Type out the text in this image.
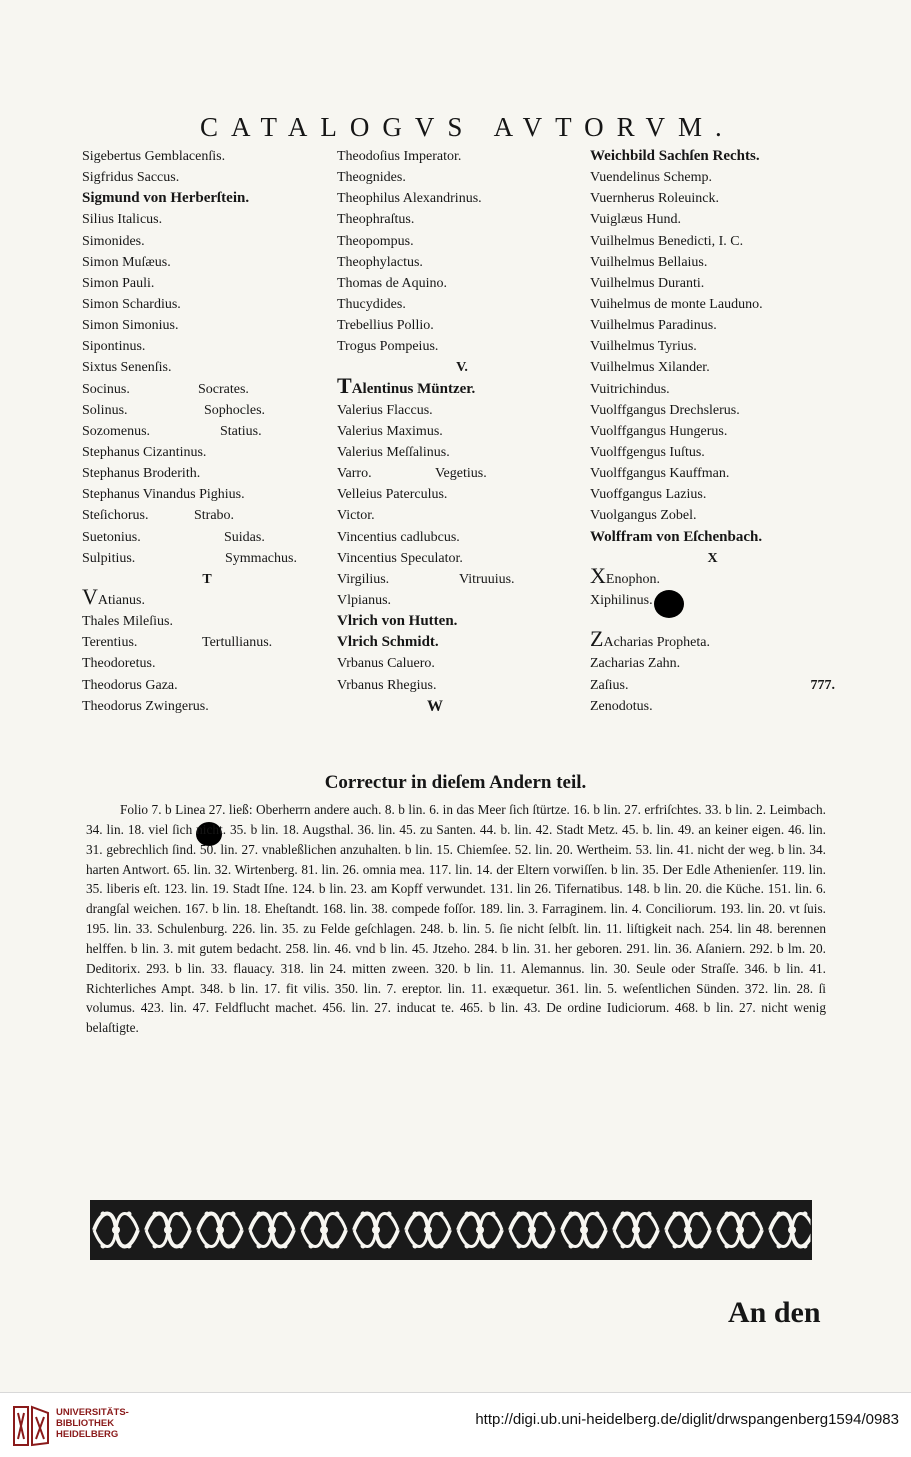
CATALOGVS AVTORVM.
Sigebertus Gemblacenſis.
Sigfridus Saccus.
Sigmund von Herberſtein.
Silius Italicus.
Simonides.
Simon Muſæus.
Simon Pauli.
Simon Schardius.
Simon Simonius.
Sipontinus.
Sixtus Senenſis.
Socinus.	Socrates.
Solinus.	Sophocles.
Sozomenus.	Statius.
Stephanus Cizantinus.
Stephanus Broderith.
Stephanus Vinandus Pighius.
Steſichorus.	Strabo.
Suetonius.	Suidas.
Sulpitius.	Symmachus.
T
VAtianus.
Thales Mileſius.
Terentius.	Tertullianus.
Theodoretus.
Theodorus Gaza.
Theodorus Zwingerus.
Theodoſius Imperator.
Theognides.
Theophilus Alexandrinus.
Theophraſtus.
Theopompus.
Theophylactus.
Thomas de Aquino.
Thucydides.
Trebellius Pollio.
Trogus Pompeius.
V.
TAlentinus Müntzer.
Valerius Flaccus.
Valerius Maximus.
Valerius Meſſalinus.
Varro.	Vegetius.
Velleius Paterculus.
Victor.
Vincentius cadlubcus.
Vincentius Speculator.
Virgilius.	Vitruuius.
Vlpianus.
Vlrich von Hutten.
Vlrich Schmidt.
Vrbanus Caluero.
Vrbanus Rhegius.
W
Weichbild Sachſen Rechts.
Vuendelinus Schemp.
Vuernherus Roleuinck.
Vuiglæus Hund.
Vuilhelmus Benedicti, I. C.
Vuilhelmus Bellaius.
Vuilhelmus Duranti.
Vuihelmus de monte Lauduno.
Vuilhelmus Paradinus.
Vuilhelmus Tyrius.
Vuilhelmus Xilander.
Vuitrichindus.
Vuolffgangus Drechslerus.
Vuolffgangus Hungerus.
Vuolffgengus Iuſtus.
Vuolffgangus Kauffman.
Vuoffgangus Lazius.
Vuolgangus Zobel.
Wolffram von Eſchenbach.
X
XEnophon.
Xiphilinus.
ZAcharias Propheta.
Zacharias Zahn.
Zaſius.
Zenodotus.
777.
Correctur in dieſem Andern teil.

Folio 7. b Linea 27. ließ: Oberherrn andere auch. 8. b lin. 6. in das Meer ſich ſtürtze. 16. b lin. 27. erfriſchtes. 33. b lin. 2. Leimbach. 34. lin. 18. viel ſich nicht. 35. b lin. 18. Augsthal. 36. lin. 45. zu Santen. 44. b. lin. 42. Stadt Metz. 45. b. lin. 49. an keiner eigen. 46. lin. 31. gebrechlich ſind. 50. lin. 27. vnableßlichen anzuhalten. b lin. 15. Chiemſee. 52. lin. 20. Wertheim. 53. lin. 41. nicht der weg. b lin. 34. harten Antwort. 65. lin. 32. Wirtenberg. 81. lin. 26. omnia mea. 117. lin. 14. der Eltern vorwiſſen. b lin. 35. Der Edle Athenienſer. 119. lin. 35. liberis eſt. 123. lin. 19. Stadt Iſne. 124. b lin. 23. am Kopff verwundet. 131. lin 26. Tifernatibus. 148. b lin. 20. die Küche. 151. lin. 6. drangſal weichen. 167. b lin. 18. Eheſtandt. 168. lin. 38. compede foſſor. 189. lin. 3. Farraginem. lin. 4. Conciliorum. 193. lin. 20. vt ſuis. 195. lin. 33. Schulenburg. 226. lin. 35. zu Felde geſchlagen. 248. b. lin. 5. ſie nicht ſelbſt. lin. 11. liſtigkeit nach. 254. lin 48. berennen helffen. b lin. 3. mit gutem bedacht. 258. lin. 46. vnd b lin. 45. Jtzeho. 284. b lin. 31. her geboren. 291. lin. 36. Aſaniern. 292. b lm. 20. Deditorix. 293. b lin. 33. flauacy. 318. lin 24. mitten zween. 320. b lin. 11. Alemannus. lin. 30. Seule oder Straſſe. 346. b lin. 41. Richterliches Ampt. 348. b lin. 17. fit vilis. 350. lin. 7. ereptor. lin. 11. exæquetur. 361. lin. 5. weſentlichen Sünden. 372. lin. 28. ſi volumus. 423. lin. 47. Feldflucht machet. 456. lin. 27. inducat te. 465. b lin. 43. De ordine Iudiciorum. 468. b lin. 27. nicht wenig belaſtigte.

An den
UNIVERSITÄTS-
BIBLIOTHEK
HEIDELBERG
http://digi.ub.uni-heidelberg.de/diglit/drwspangenberg1594/0983
